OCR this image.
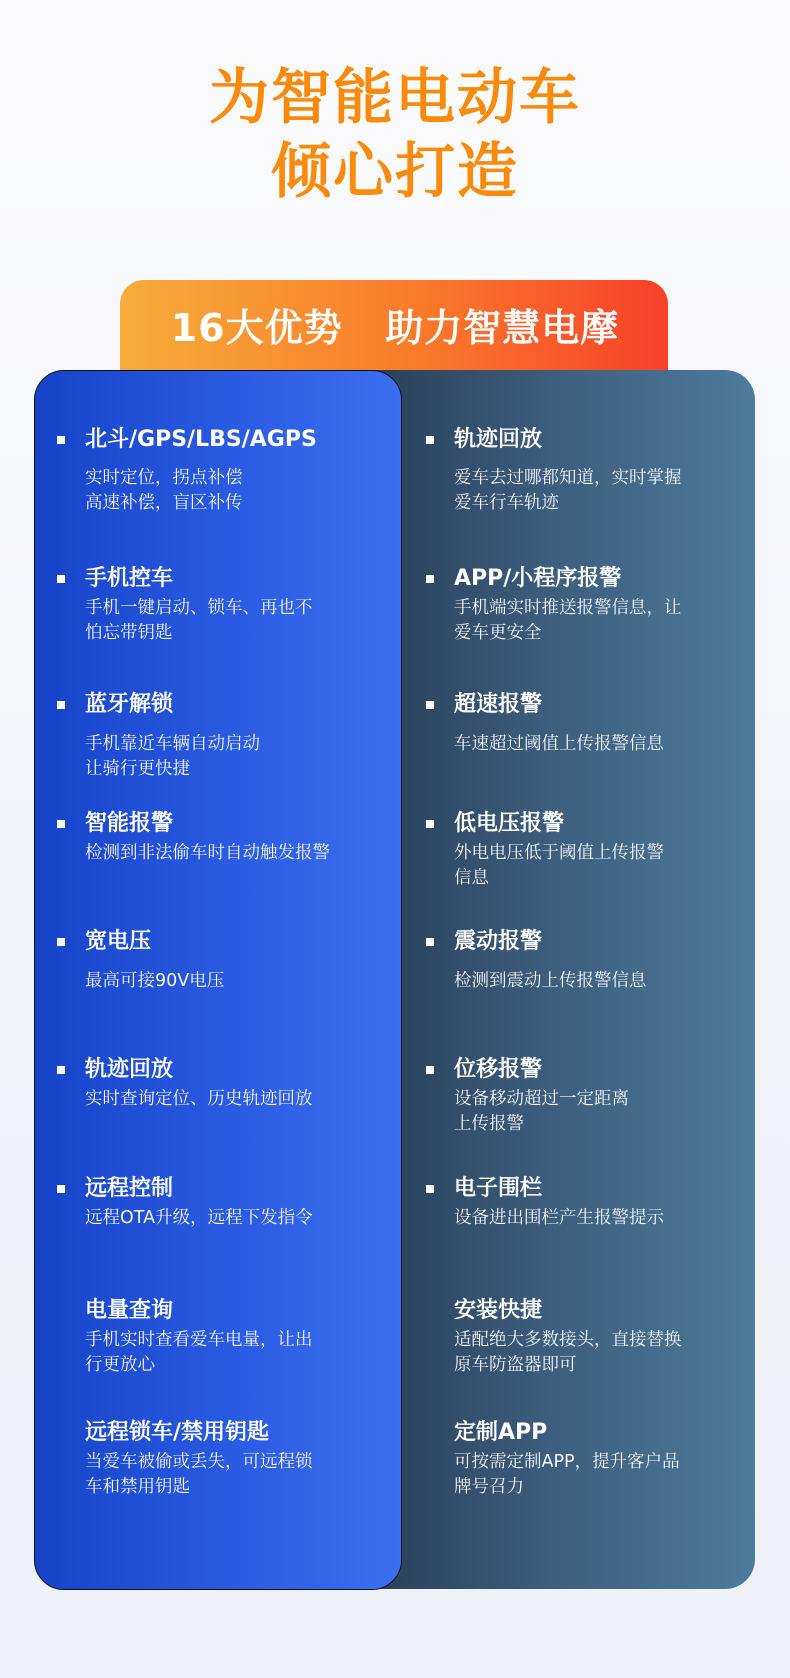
为智能电动车
倾心打造
16大优势   助力智慧电摩
北斗/GPS/LBS/AGPS
实时定位，拐点补偿
高速补偿，盲区补传
手机控车
手机一键启动、锁车、再也不
怕忘带钥匙
蓝牙解锁
手机靠近车辆自动启动
让骑行更快捷
智能报警
检测到非法偷车时自动触发报警
宽电压
最高可接90V电压
轨迹回放
实时查询定位、历史轨迹回放
远程控制
远程OTA升级，远程下发指令
电量查询
手机实时查看爱车电量，让出
行更放心
远程锁车/禁用钥匙
当爱车被偷或丢失，可远程锁
车和禁用钥匙
轨迹回放
爱车去过哪都知道，实时掌握
爱车行车轨迹
APP/小程序报警
手机端实时推送报警信息，让
爱车更安全
超速报警
车速超过阈值上传报警信息
低电压报警
外电电压低于阈值上传报警
信息
震动报警
检测到震动上传报警信息
位移报警
设备移动超过一定距离
上传报警
电子围栏
设备进出围栏产生报警提示
安装快捷
适配绝大多数接头，直接替换
原车防盗器即可
定制APP
可按需定制APP，提升客户品
牌号召力
